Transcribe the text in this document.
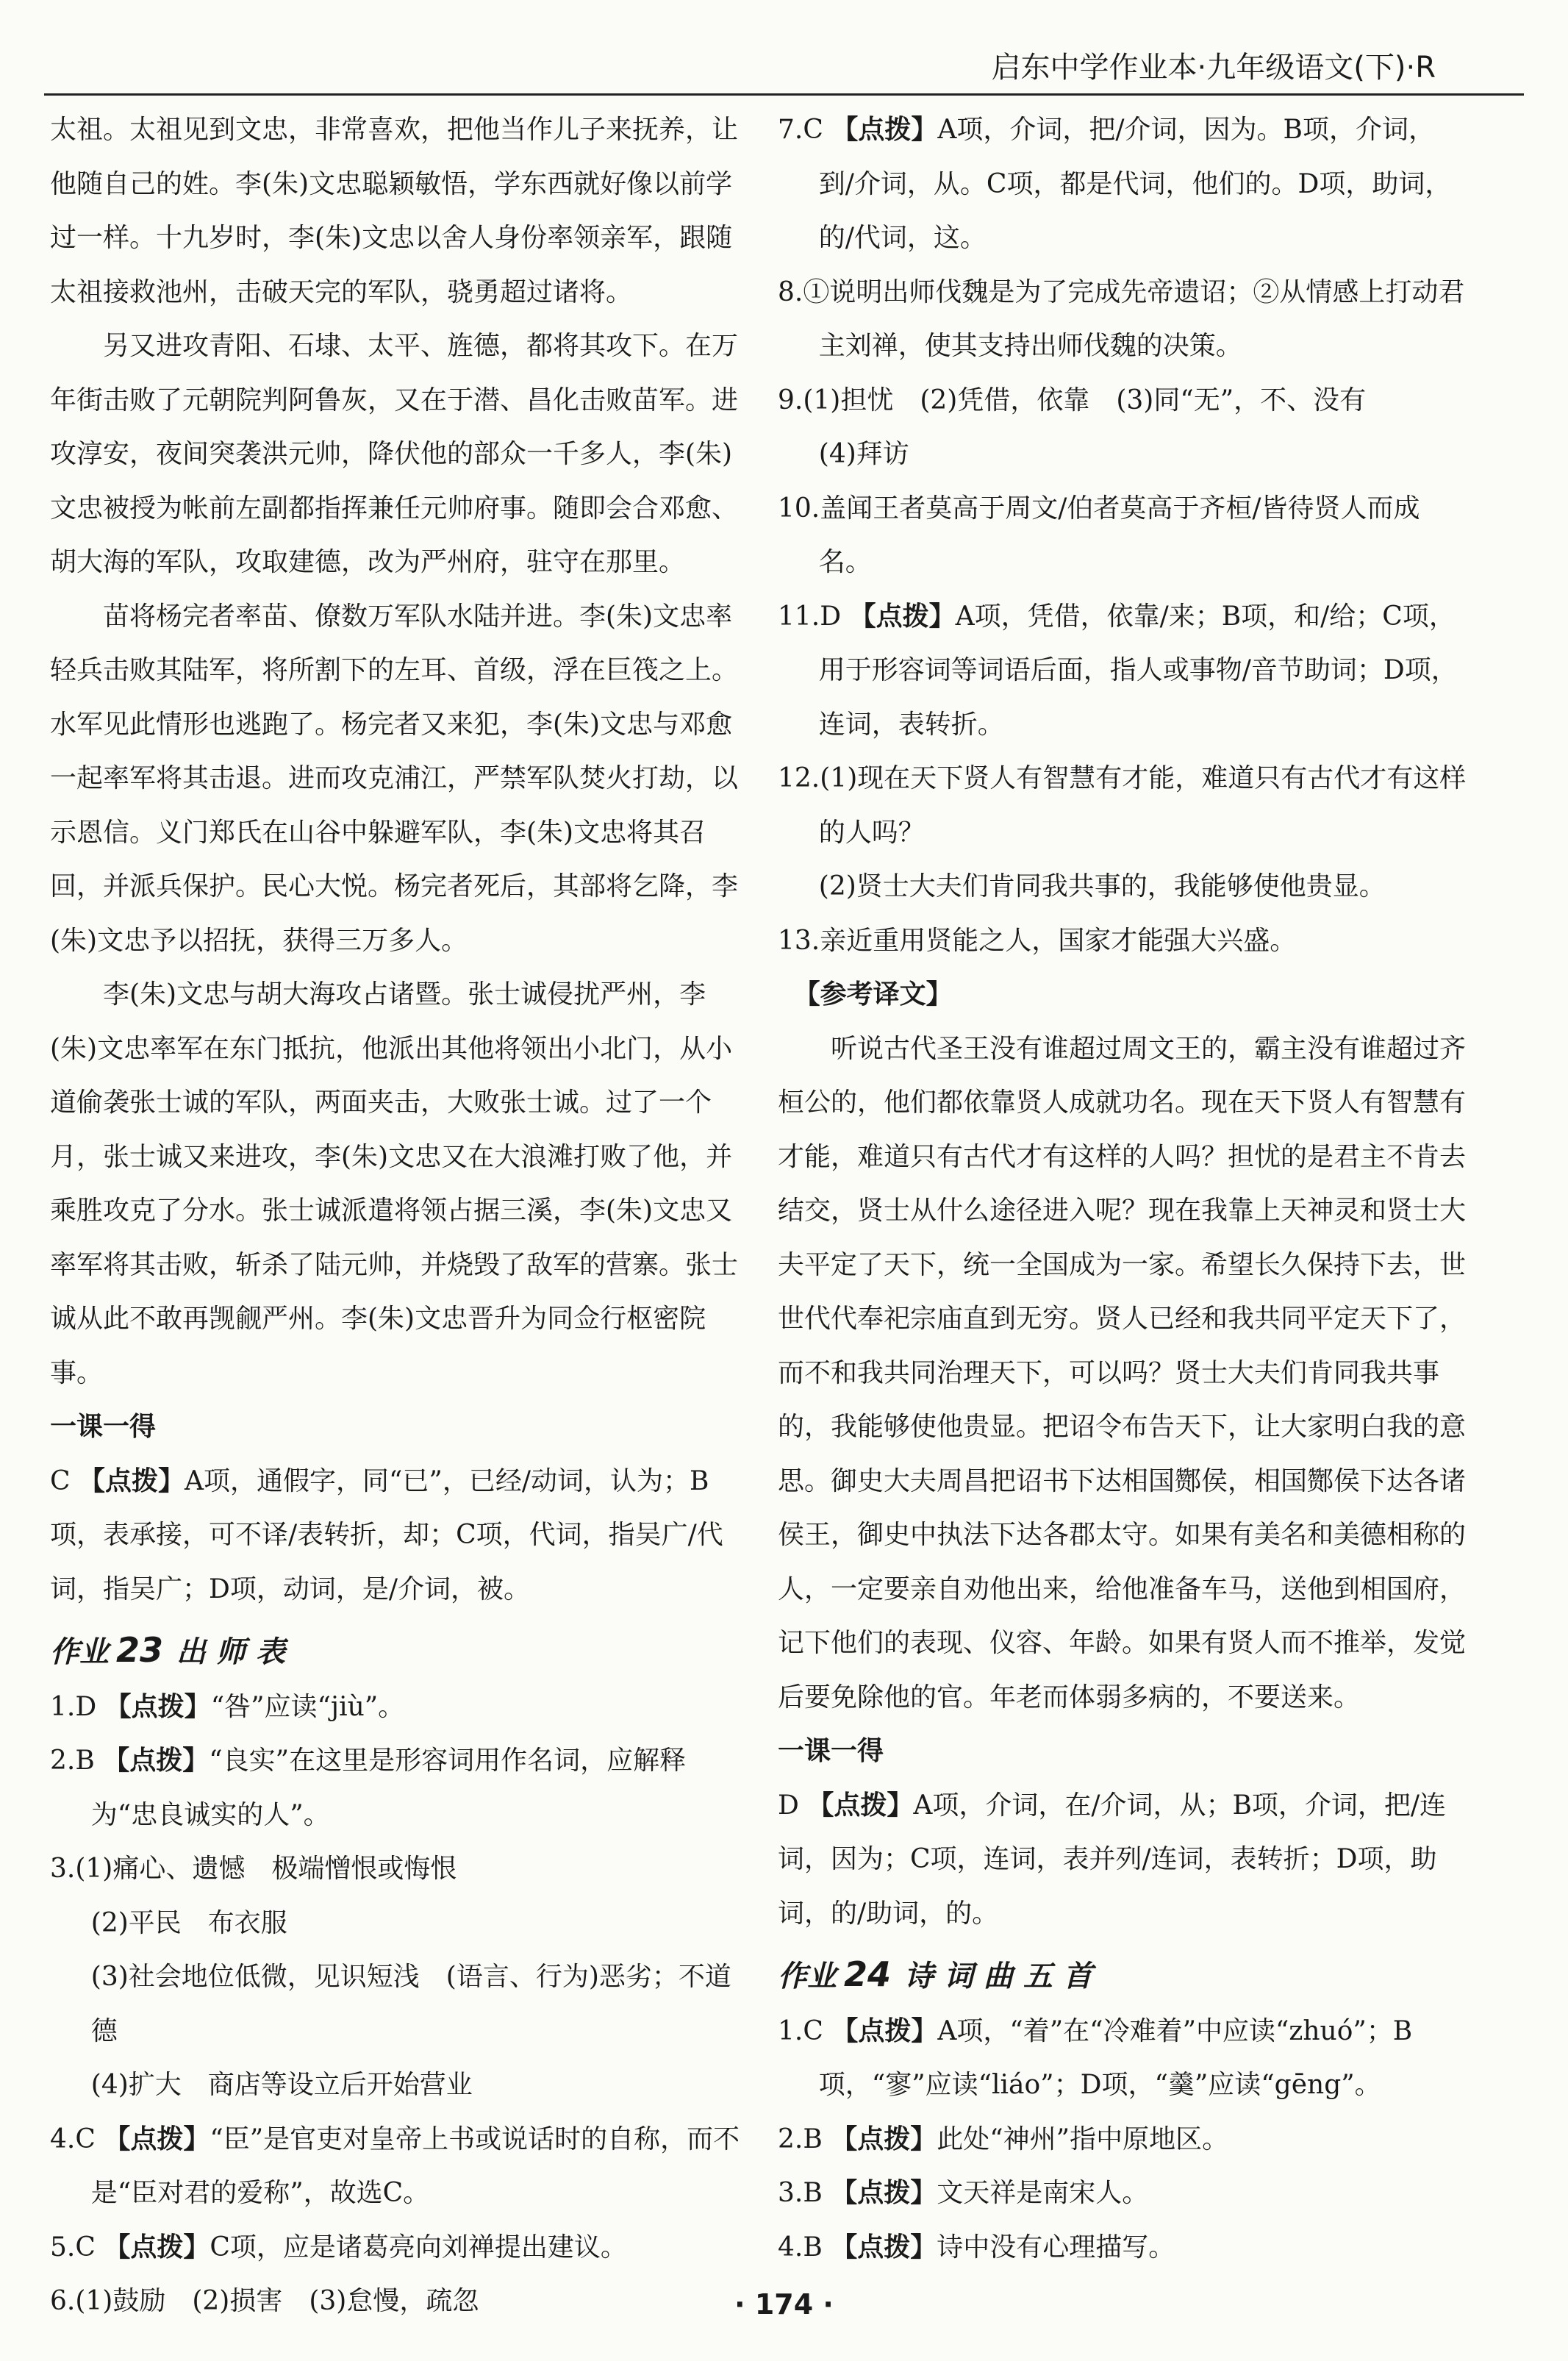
启东中学作业本·九年级语文(下)·R

太祖。太祖见到文忠，非常喜欢，把他当作儿子来抚养，让他随自己的姓。李(朱)文忠聪颖敏悟，学东西就好像以前学过一样。十九岁时，李(朱)文忠以舍人身份率领亲军，跟随太祖接救池州，击破天完的军队，骁勇超过诸将。

另又进攻青阳、石埭、太平、旌德，都将其攻下。在万年街击败了元朝院判阿鲁灰，又在于潜、昌化击败苗军。进攻淳安，夜间突袭洪元帅，降伏他的部众一千多人，李(朱)文忠被授为帐前左副都指挥兼任元帅府事。随即会合邓愈、胡大海的军队，攻取建德，改为严州府，驻守在那里。

苗将杨完者率苗、僚数万军队水陆并进。李(朱)文忠率轻兵击败其陆军，将所割下的左耳、首级，浮在巨筏之上。水军见此情形也逃跑了。杨完者又来犯，李(朱)文忠与邓愈一起率军将其击退。进而攻克浦江，严禁军队焚火打劫，以示恩信。义门郑氏在山谷中躲避军队，李(朱)文忠将其召回，并派兵保护。民心大悦。杨完者死后，其部将乞降，李(朱)文忠予以招抚，获得三万多人。

李(朱)文忠与胡大海攻占诸暨。张士诚侵扰严州，李(朱)文忠率军在东门抵抗，他派出其他将领出小北门，从小道偷袭张士诚的军队，两面夹击，大败张士诚。过了一个月，张士诚又来进攻，李(朱)文忠又在大浪滩打败了他，并乘胜攻克了分水。张士诚派遣将领占据三溪，李(朱)文忠又率军将其击败，斩杀了陆元帅，并烧毁了敌军的营寨。张士诚从此不敢再觊觎严州。李(朱)文忠晋升为同佥行枢密院事。

一课一得

C 【点拨】A项，通假字，同“已”，已经/动词，认为；B项，表承接，可不译/表转折，却；C项，代词，指吴广/代词，指吴广；D项，动词，是/介词，被。

作业 23 出师表

1.D 【点拨】“咎”应读“jiù”。

2.B 【点拨】“良实”在这里是形容词用作名词，应解释为“忠良诚实的人”。

3.(1)痛心、遗憾　极端憎恨或悔恨

(2)平民　布衣服

(3)社会地位低微，见识短浅　(语言、行为)恶劣；不道德

(4)扩大　商店等设立后开始营业

4.C 【点拨】“臣”是官吏对皇帝上书或说话时的自称，而不是“臣对君的爱称”，故选C。

5.C 【点拨】C项，应是诸葛亮向刘禅提出建议。

6.(1)鼓励　(2)损害　(3)怠慢，疏忽

7.C 【点拨】A项，介词，把/介词，因为。B项，介词，到/介词，从。C项，都是代词，他们的。D项，助词，的/代词，这。

8.①说明出师伐魏是为了完成先帝遗诏；②从情感上打动君主刘禅，使其支持出师伐魏的决策。

9.(1)担忧　(2)凭借，依靠　(3)同“无”，不、没有

(4)拜访

10.盖闻王者莫高于周文/伯者莫高于齐桓/皆待贤人而成名。

11.D 【点拨】A项，凭借，依靠/来；B项，和/给；C项，用于形容词等词语后面，指人或事物/音节助词；D项，连词，表转折。

12.(1)现在天下贤人有智慧有才能，难道只有古代才有这样的人吗？

(2)贤士大夫们肯同我共事的，我能够使他贵显。

13.亲近重用贤能之人，国家才能强大兴盛。

【参考译文】

听说古代圣王没有谁超过周文王的，霸主没有谁超过齐桓公的，他们都依靠贤人成就功名。现在天下贤人有智慧有才能，难道只有古代才有这样的人吗？担忧的是君主不肯去结交，贤士从什么途径进入呢？现在我靠上天神灵和贤士大夫平定了天下，统一全国成为一家。希望长久保持下去，世世代代奉祀宗庙直到无穷。贤人已经和我共同平定天下了，而不和我共同治理天下，可以吗？贤士大夫们肯同我共事的，我能够使他贵显。把诏令布告天下，让大家明白我的意思。御史大夫周昌把诏书下达相国酂侯，相国酂侯下达各诸侯王，御史中执法下达各郡太守。如果有美名和美德相称的人，一定要亲自劝他出来，给他准备车马，送他到相国府，记下他们的表现、仪容、年龄。如果有贤人而不推举，发觉后要免除他的官。年老而体弱多病的，不要送来。

一课一得

D 【点拨】A项，介词，在/介词，从；B项，介词，把/连词，因为；C项，连词，表并列/连词，表转折；D项，助词，的/助词，的。

作业 24 诗词曲五首

1.C 【点拨】A项，“着”在“冷难着”中应读“zhuó”；B项，“寥”应读“liáo”；D项，“羹”应读“gēng”。

2.B 【点拨】此处“神州”指中原地区。

3.B 【点拨】文天祥是南宋人。

4.B 【点拨】诗中没有心理描写。

· 174 ·
